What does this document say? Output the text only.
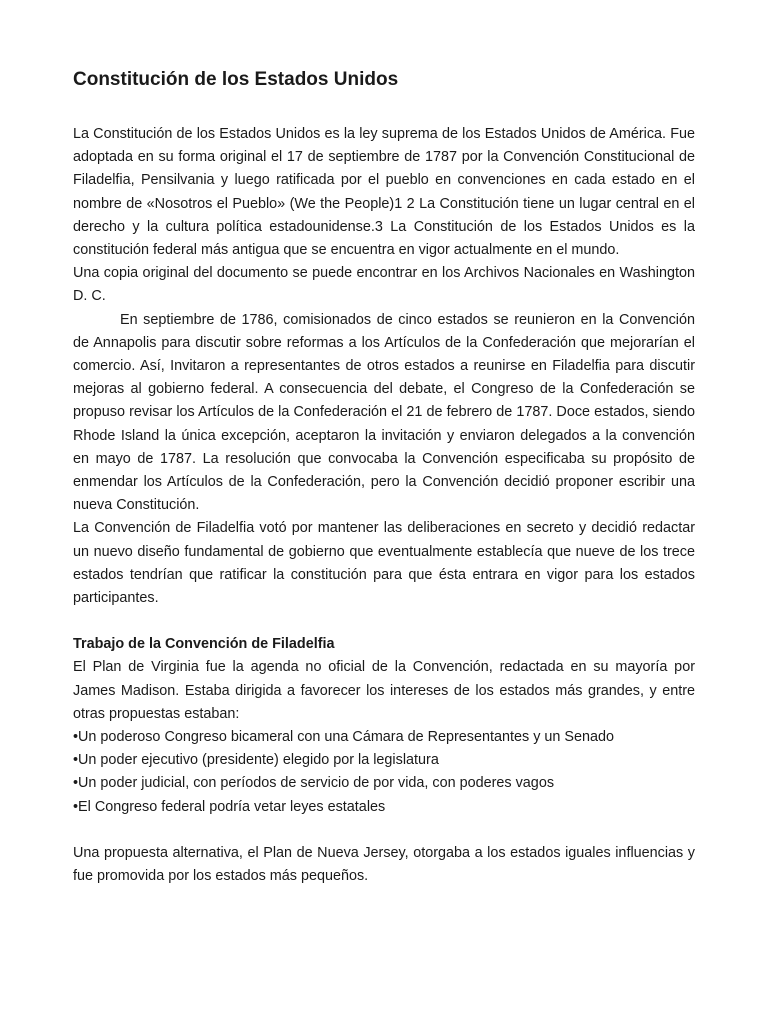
Constitución de los Estados Unidos

La Constitución de los Estados Unidos es la ley suprema de los Estados Unidos de América. Fue adoptada en su forma original el 17 de septiembre de 1787 por la Convención Constitucional de Filadelfia, Pensilvania y luego ratificada por el pueblo en convenciones en cada estado en el nombre de «Nosotros el Pueblo» (We the People)1 2 La Constitución tiene un lugar central en el derecho y la cultura política estadounidense.3 La Constitución de los Estados Unidos es la constitución federal más antigua que se encuentra en vigor actualmente en el mundo.

Una copia original del documento se puede encontrar en los Archivos Nacionales en Washington D. C.

En septiembre de 1786, comisionados de cinco estados se reunieron en la Convención de Annapolis para discutir sobre reformas a los Artículos de la Confederación que mejorarían el comercio. Así, Invitaron a representantes de otros estados a reunirse en Filadelfia para discutir mejoras al gobierno federal. A consecuencia del debate, el Congreso de la Confederación se propuso revisar los Artículos de la Confederación el 21 de febrero de 1787. Doce estados, siendo Rhode Island la única excepción, aceptaron la invitación y enviaron delegados a la convención en mayo de 1787. La resolución que convocaba la Convención especificaba su propósito de enmendar los Artículos de la Confederación, pero la Convención decidió proponer escribir una nueva Constitución.

La Convención de Filadelfia votó por mantener las deliberaciones en secreto y decidió redactar un nuevo diseño fundamental de gobierno que eventualmente establecía que nueve de los trece estados tendrían que ratificar la constitución para que ésta entrara en vigor para los estados participantes.

Trabajo de la Convención de Filadelfia

El Plan de Virginia fue la agenda no oficial de la Convención, redactada en su mayoría por James Madison. Estaba dirigida a favorecer los intereses de los estados más grandes, y entre otras propuestas estaban:

•Un poderoso Congreso bicameral con una Cámara de Representantes y un Senado
•Un poder ejecutivo (presidente) elegido por la legislatura
•Un poder judicial, con períodos de servicio de por vida, con poderes vagos
•El Congreso federal podría vetar leyes estatales

Una propuesta alternativa, el Plan de Nueva Jersey, otorgaba a los estados iguales influencias y fue promovida por los estados más pequeños.
